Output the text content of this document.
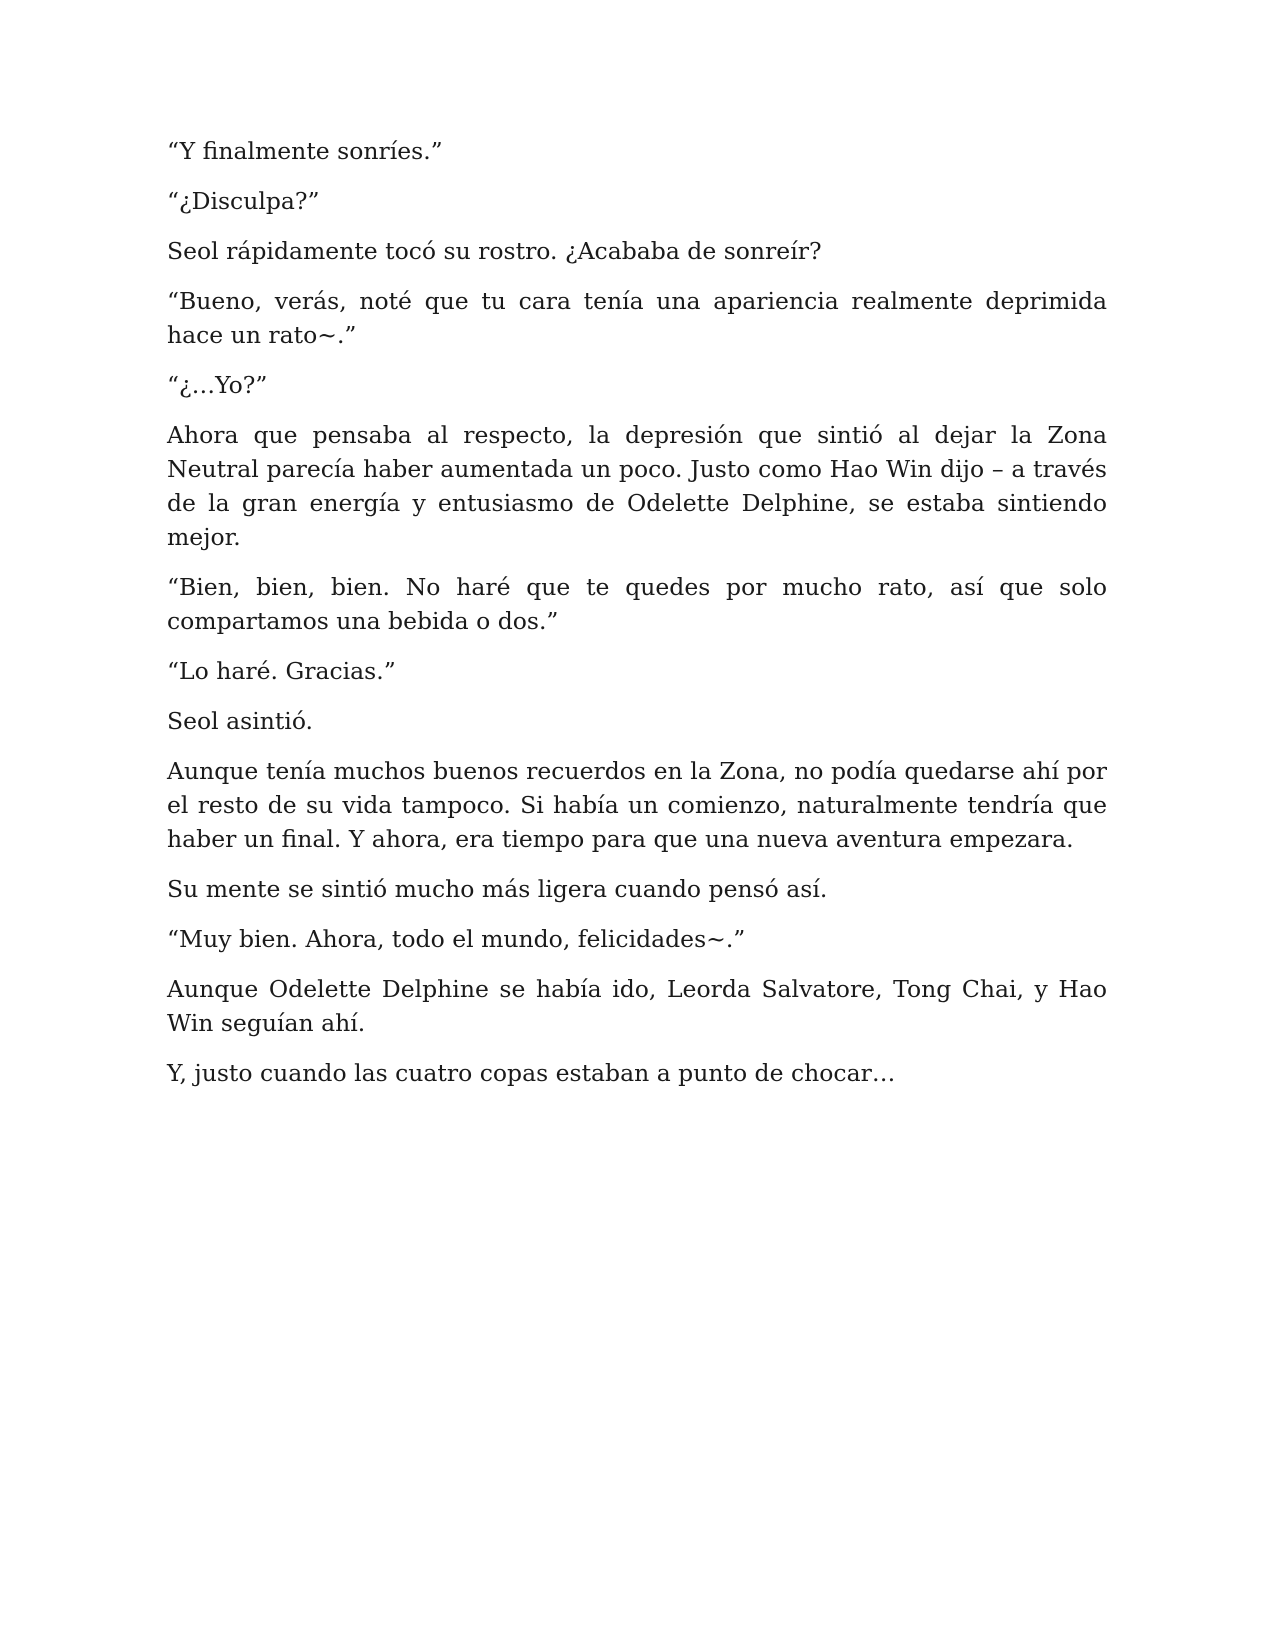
“Y finalmente sonríes.”

“¿Disculpa?”

Seol rápidamente tocó su rostro. ¿Acababa de sonreír?

“Bueno, verás, noté que tu cara tenía una apariencia realmente deprimida hace un rato~.”

“¿…Yo?”

Ahora que pensaba al respecto, la depresión que sintió al dejar la Zona Neutral parecía haber aumentada un poco. Justo como Hao Win dijo – a través de la gran energía y entusiasmo de Odelette Delphine, se estaba sintiendo mejor.

“Bien, bien, bien. No haré que te quedes por mucho rato, así que solo compartamos una bebida o dos.”

“Lo haré. Gracias.”

Seol asintió.

Aunque tenía muchos buenos recuerdos en la Zona, no podía quedarse ahí por el resto de su vida tampoco. Si había un comienzo, naturalmente tendría que haber un final. Y ahora, era tiempo para que una nueva aventura empezara.

Su mente se sintió mucho más ligera cuando pensó así.

“Muy bien. Ahora, todo el mundo, felicidades~.”

Aunque Odelette Delphine se había ido, Leorda Salvatore, Tong Chai, y Hao Win seguían ahí.

Y, justo cuando las cuatro copas estaban a punto de chocar…
